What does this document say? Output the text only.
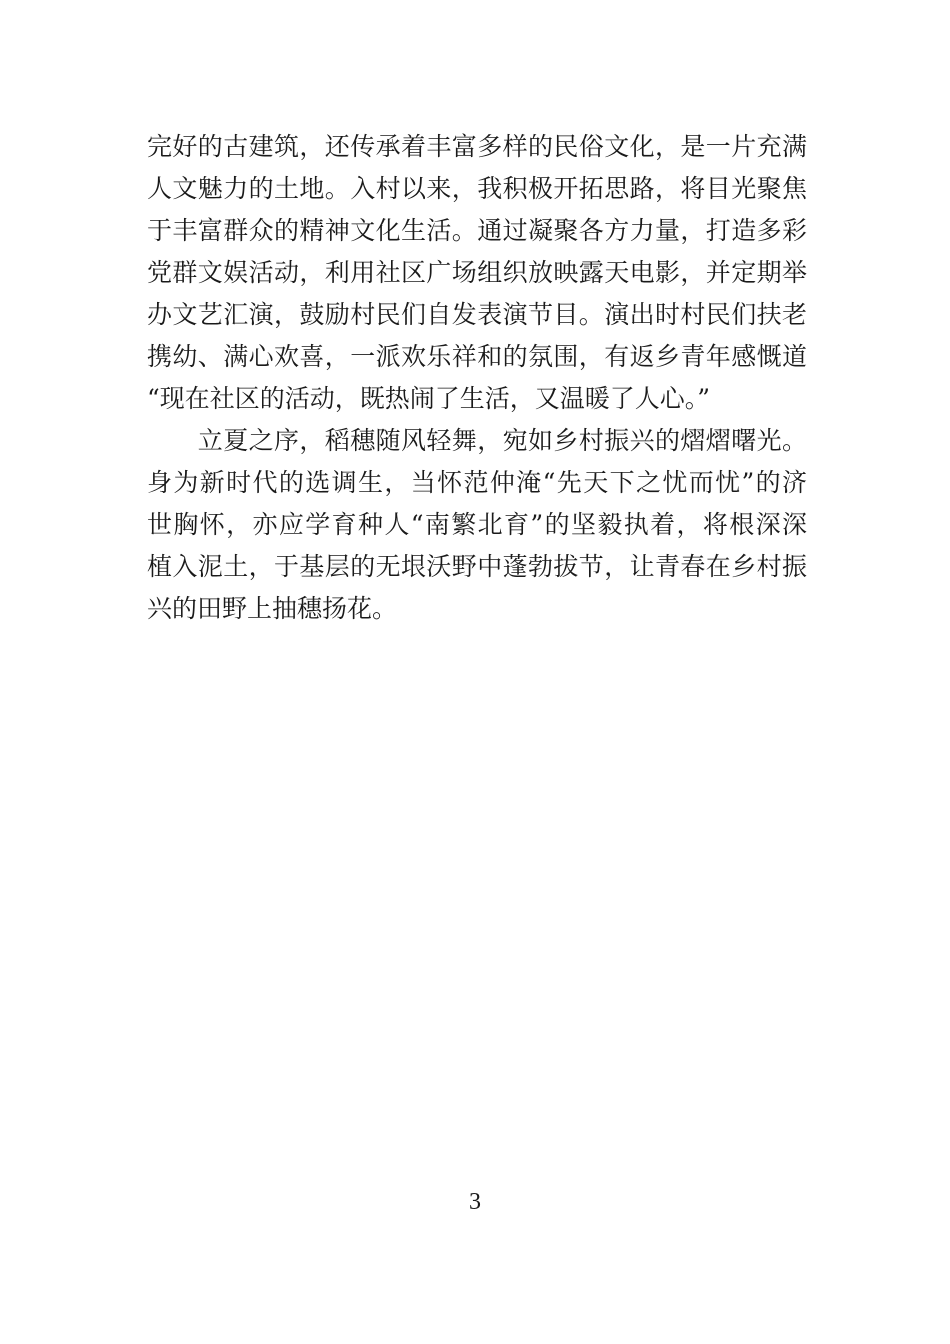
完好的古建筑，还传承着丰富多样的民俗文化，是一片充满
人文魅力的土地。入村以来，我积极开拓思路，将目光聚焦
于丰富群众的精神文化生活。通过凝聚各方力量，打造多彩
党群文娱活动，利用社区广场组织放映露天电影，并定期举
办文艺汇演，鼓励村民们自发表演节目。演出时村民们扶老
携幼、满心欢喜，一派欢乐祥和的氛围，有返乡青年感慨道
“现在社区的活动，既热闹了生活，又温暖了人心。”
　　立夏之序，稻穗随风轻舞，宛如乡村振兴的熠熠曙光。
身为新时代的选调生，当怀范仲淹“先天下之忧而忧”的济
世胸怀，亦应学育种人“南繁北育”的坚毅执着，将根深深
植入泥土，于基层的无垠沃野中蓬勃拔节，让青春在乡村振
兴的田野上抽穗扬花。
3
